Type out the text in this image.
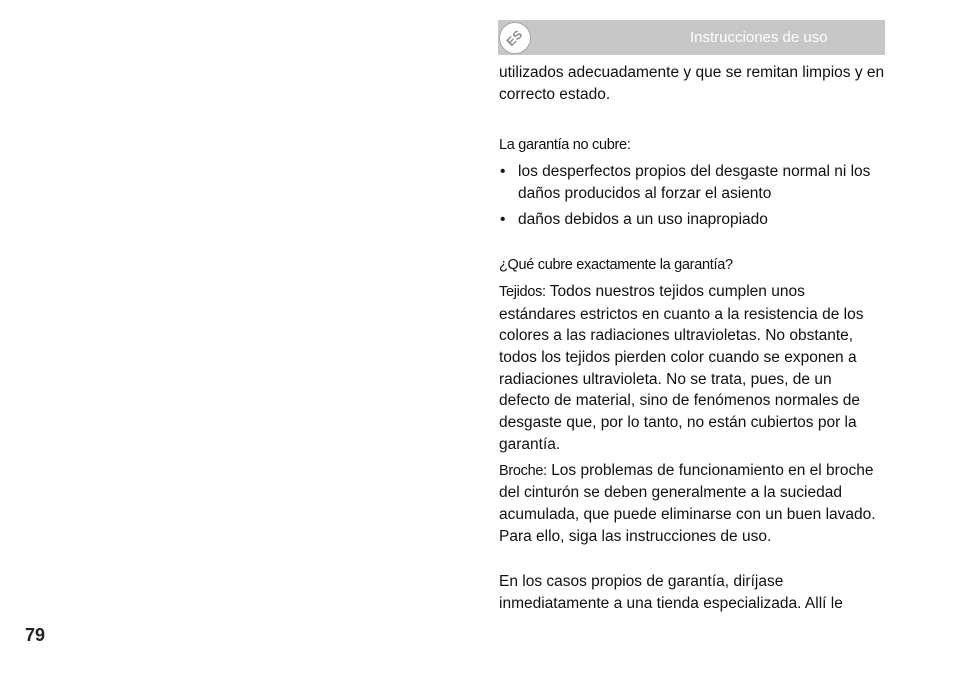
ES	Instrucciones de uso

utilizados adecuadamente y que se remitan limpios y en correcto estado.

La garantía no cubre:

• los desperfectos propios del desgaste normal ni los daños producidos al forzar el asiento
• daños debidos a un uso inapropiado

¿Qué cubre exactamente la garantía?

Tejidos: Todos nuestros tejidos cumplen unos estándares estrictos en cuanto a la resistencia de los colores a las radiaciones ultravioletas. No obstante, todos los tejidos pierden color cuando se exponen a radiaciones ultravioleta. No se trata, pues, de un defecto de material, sino de fenómenos normales de desgaste que, por lo tanto, no están cubiertos por la garantía.

Broche: Los problemas de funcionamiento en el broche del cinturón se deben generalmente a la suciedad acumulada, que puede eliminarse con un buen lavado. Para ello, siga las instrucciones de uso.

En los casos propios de garantía, diríjase inmediatamente a una tienda especializada. Allí le

79
